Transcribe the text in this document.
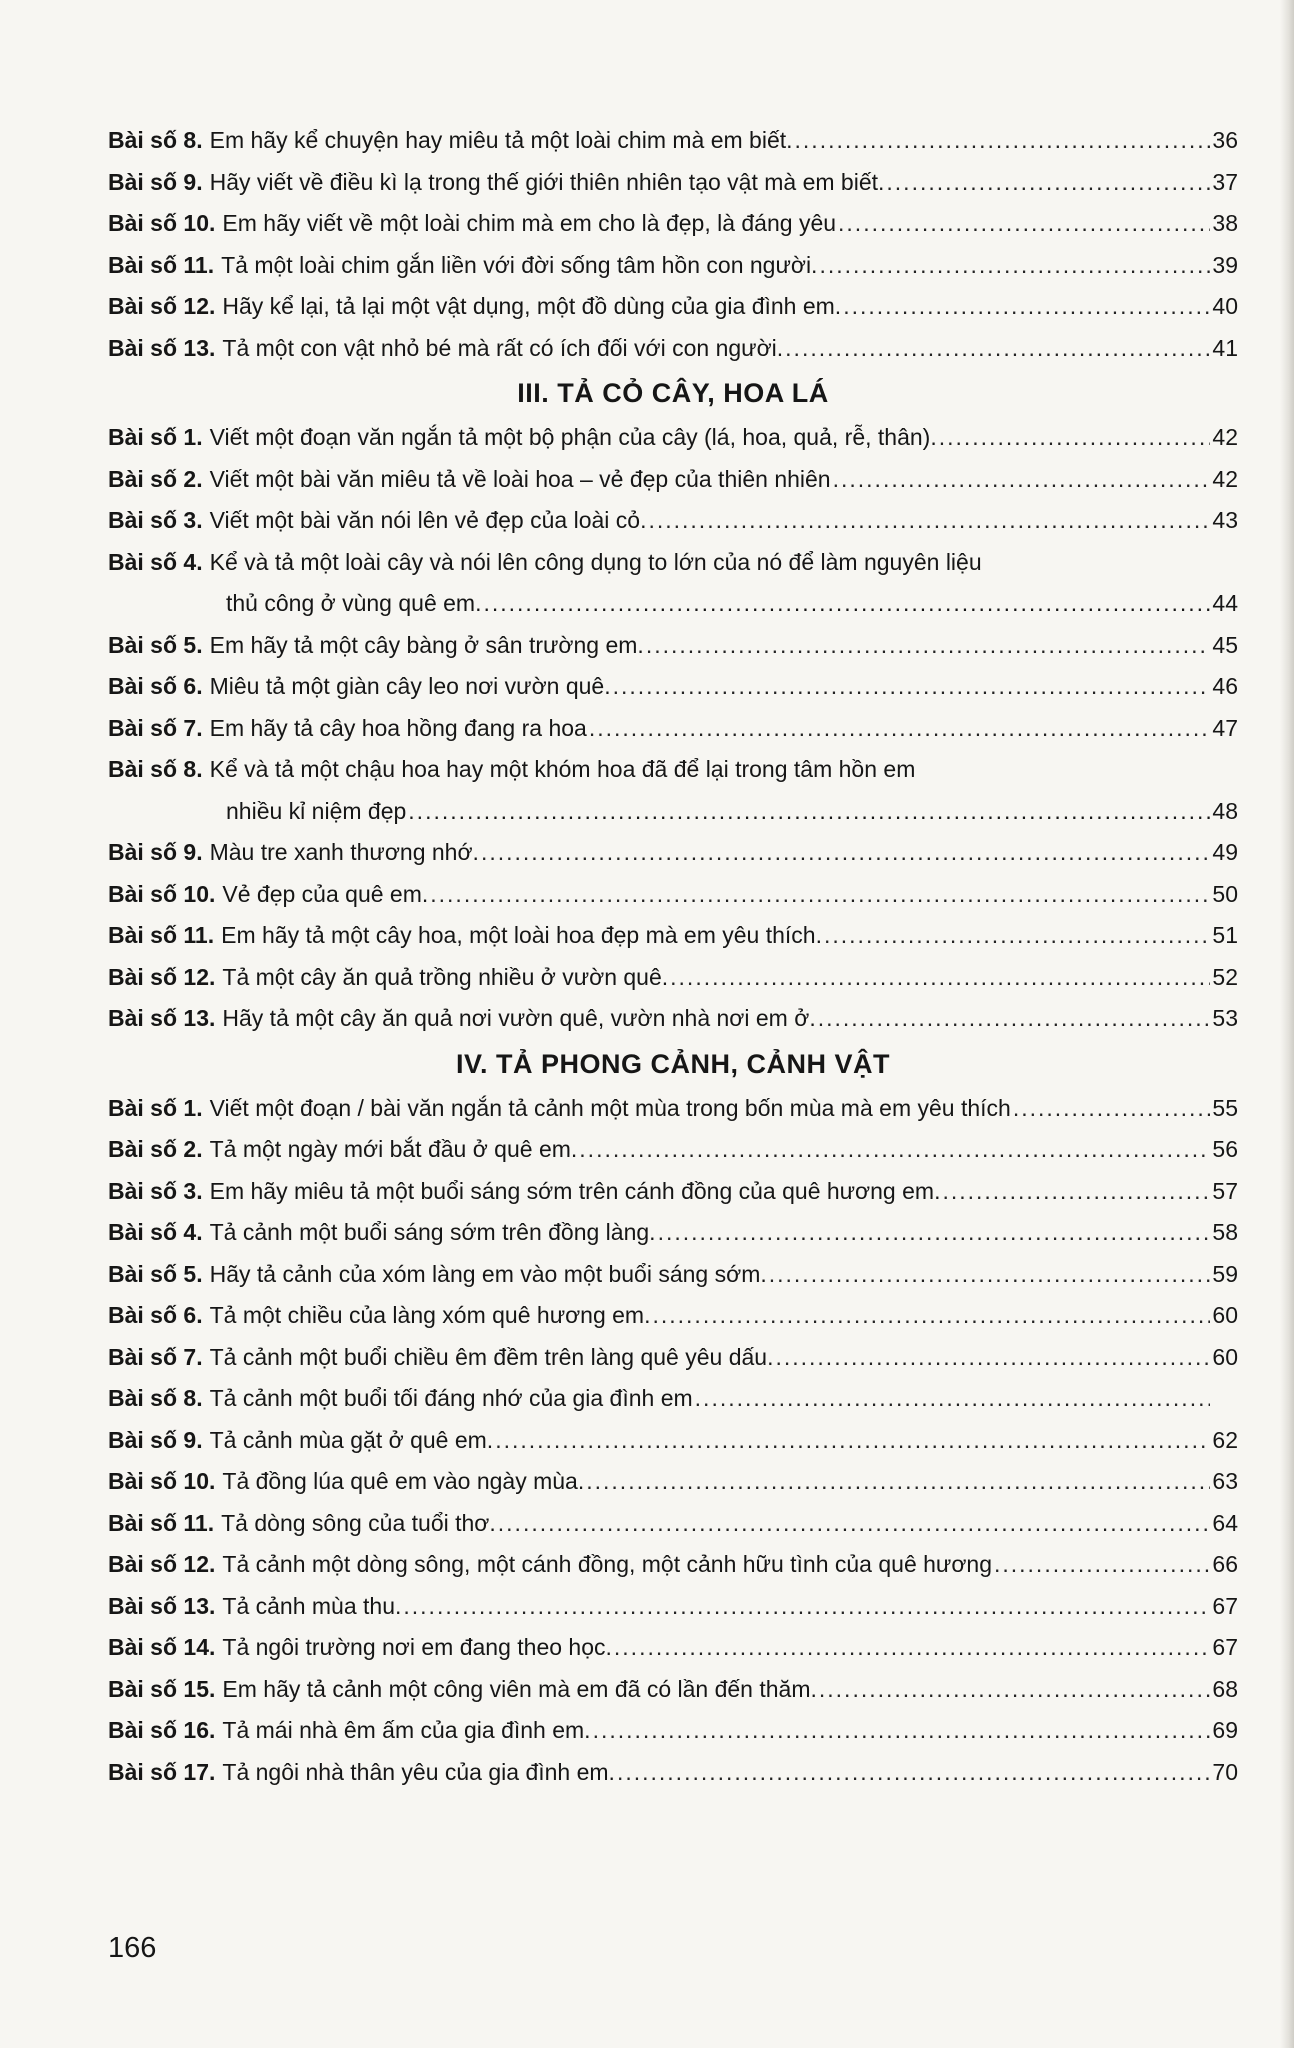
Bài số 8. Em hãy kể chuyện hay miêu tả một loài chim mà em biết. .....	36
Bài số 9. Hãy viết về điều kì lạ trong thế giới thiên nhiên tạo vật mà em biết. .....	37
Bài số 10. Em hãy viết về một loài chim mà em cho là đẹp, là đáng yêu .....	38
Bài số 11. Tả một loài chim gắn liền với đời sống tâm hồn con người. .....	39
Bài số 12. Hãy kể lại, tả lại một vật dụng, một đồ dùng của gia đình em. .....	40
Bài số 13. Tả một con vật nhỏ bé mà rất có ích đối với con người. .....	41
III. TẢ CỎ CÂY, HOA LÁ
Bài số 1. Viết một đoạn văn ngắn tả một bộ phận của cây (lá, hoa, quả, rễ, thân). .....	42
Bài số 2. Viết một bài văn miêu tả về loài hoa – vẻ đẹp của thiên nhiên .....	42
Bài số 3. Viết một bài văn nói lên vẻ đẹp của loài cỏ. .....	43
Bài số 4. Kể và tả một loài cây và nói lên công dụng to lớn của nó để làm nguyên liệu
thủ công ở vùng quê em. .....	44
Bài số 5. Em hãy tả một cây bàng ở sân trường em. .....	45
Bài số 6. Miêu tả một giàn cây leo nơi vườn quê. .....	46
Bài số 7. Em hãy tả cây hoa hồng đang ra hoa .....	47
Bài số 8. Kể và tả một chậu hoa hay một khóm hoa đã để lại trong tâm hồn em
nhiều kỉ niệm đẹp .....	48
Bài số 9. Màu tre xanh thương nhớ. .....	49
Bài số 10. Vẻ đẹp của quê em. .....	50
Bài số 11. Em hãy tả một cây hoa, một loài hoa đẹp mà em yêu thích. .....	51
Bài số 12. Tả một cây ăn quả trồng nhiều ở vườn quê. .....	52
Bài số 13. Hãy tả một cây ăn quả nơi vườn quê, vườn nhà nơi em ở. .....	53
IV. TẢ PHONG CẢNH, CẢNH VẬT
Bài số 1. Viết một đoạn / bài văn ngắn tả cảnh một mùa trong bốn mùa mà em yêu thích .....	55
Bài số 2. Tả một ngày mới bắt đầu ở quê em. .....	56
Bài số 3. Em hãy miêu tả một buổi sáng sớm trên cánh đồng của quê hương em. .....	57
Bài số 4. Tả cảnh một buổi sáng sớm trên đồng làng. .....	58
Bài số 5. Hãy tả cảnh của xóm làng em vào một buổi sáng sớm. .....	59
Bài số 6. Tả một chiều của làng xóm quê hương em. .....	60
Bài số 7. Tả cảnh một buổi chiều êm đềm trên làng quê yêu dấu. .....	60
Bài số 8. Tả cảnh một buổi tối đáng nhớ của gia đình em
.....
Bài số 9. Tả cảnh mùa gặt ở quê em. .....	62
Bài số 10. Tả đồng lúa quê em vào ngày mùa. .....	63
Bài số 11. Tả dòng sông của tuổi thơ. .....	64
Bài số 12. Tả cảnh một dòng sông, một cánh đồng, một cảnh hữu tình của quê hương .....	66
Bài số 13. Tả cảnh mùa thu. .....	67
Bài số 14. Tả ngôi trường nơi em đang theo học. .....	67
Bài số 15. Em hãy tả cảnh một công viên mà em đã có lần đến thăm. .....	68
Bài số 16. Tả mái nhà êm ấm của gia đình em. .....	69
Bài số 17. Tả ngôi nhà thân yêu của gia đình em. .....	70
166
